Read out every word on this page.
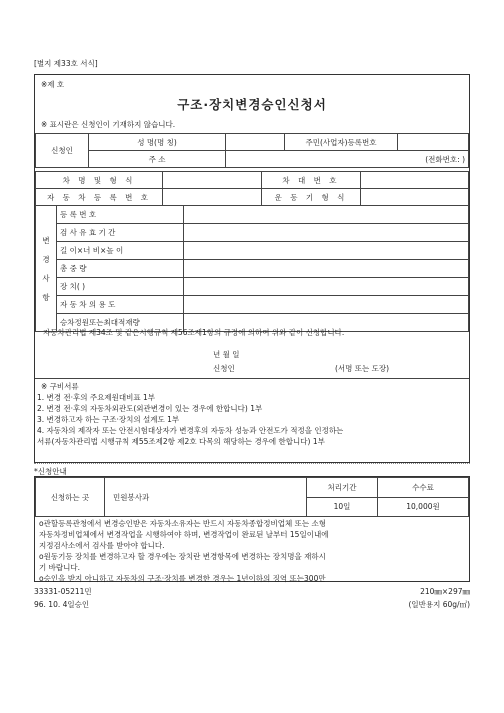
[별지 제33호 서식]
※제 호
구조·장치변경승인신청서
※ 표시란은 신청인이 기재하지 않습니다.
신청인	성 명(명 칭)		주민(사업자)등록번호	
	주 소	(전화번호: )		
차 명 및 형 식		차 대 번 호	
자 동 차 등 록 번 호		운 동 기 형 식	
변경사항	등 록 번 호	
	검 사 유 효 기 간	
	길 이×너 비×높 이	
	총 중 량	
	장 치( )	
	자 동 차 의 용 도	
	승차정원또는최대적재량	
자동차관리법 제34조 및 같은시행규칙 제56조제1항의 규정에 의하여 위와 같이 신청합니다.
년 월 일
신청인	(서명 또는 도장)
※ 구비서류
1. 변경 전·후의 주요제원대비표 1부
2. 변경 전·후의 자동차외관도(외관변경이 있는 경우에 한합니다) 1부
3. 변경하고자 하는 구조·장치의 설계도 1부
4. 자동차의 제작자 또는 안전시험대상자가 변경후의 자동차 성능과 안전도가 적정을 인정하는
서류(자동차관리법 시행규칙 제55조제2항 제2호 다목의 해당하는 경우에 한합니다) 1부
*신청안내
신청하는 곳	민원봉사과	처리기간	수수료
		10일	10,000원
o관할등록관청에서 변경승인받은 자동차소유자는 반드시 자동차종합정비업체 또는 소형
자동차정비업체에서 변경작업을 시행하여야 하며, 변경작업이 완료된 날부터 15일이내에
지정검사소에서 검사를 받아야 합니다.
o원동기등 장치를 변경하고자 할 경우에는 장치란 변경항목에 변경하는 장치명을 재하시
기 바랍니다.
o승인을 받지 아니하고 자동차의 구조·장치를 변경한 경우는 1년이하의 징역 또는300만
33331-05211민	210㎜×297㎜
96. 10. 4일승인	(일반용지 60g/㎡)
